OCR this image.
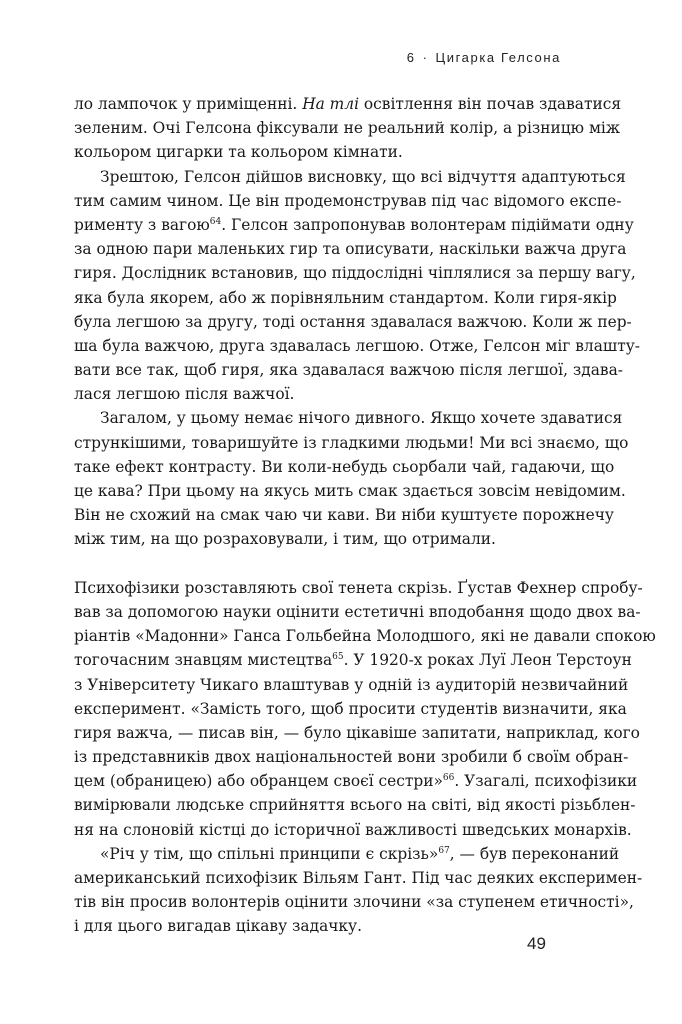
6 · Цигарка Гелсона
ло лампочок у приміщенні. На тлі освітлення він почав здаватися
зеленим. Очі Гелсона фіксували не реальний колір, а різницю між
кольором цигарки та кольором кімнати.
Зрештою, Гелсон дійшов висновку, що всі відчуття адаптуються
тим самим чином. Це він продемонстрував під час відомого експе-
рименту з вагою$^{64}$. Гелсон запропонував волонтерам підіймати одну
за одною пари маленьких гир та описувати, наскільки важча друга
гиря. Дослідник встановив, що піддослідні чіплялися за першу вагу,
яка була якорем, або ж порівняльним стандартом. Коли гиря-якір
була легшою за другу, тоді остання здавалася важчою. Коли ж пер-
ша була важчою, друга здавалась легшою. Отже, Гелсон міг влашту-
вати все так, щоб гиря, яка здавалася важчою після легшої, здава-
лася легшою після важчої.
Загалом, у цьому немає нічого дивного. Якщо хочете здаватися
стрункішими, товаришуйте із гладкими людьми! Ми всі знаємо, що
таке ефект контрасту. Ви коли-небудь сьорбали чай, гадаючи, що
це кава? При цьому на якусь мить смак здається зовсім невідомим.
Він не схожий на смак чаю чи кави. Ви ніби куштуєте порожнечу
між тим, на що розраховували, і тим, що отримали.
Психофізики розставляють свої тенета скрізь. Ґустав Фехнер спробу-
вав за допомогою науки оцінити естетичні вподобання щодо двох ва-
ріантів «Мадонни» Ганса Гольбейна Молодшого, які не давали спокою
тогочасним знавцям мистецтва$^{65}$. У 1920-х роках Луї Леон Терстоун
з Університету Чикаго влаштував у одній із аудиторій незвичайний
експеримент. «Замість того, щоб просити студентів визначити, яка
гиря важча, — писав він, — було цікавіше запитати, наприклад, кого
із представників двох національностей вони зробили б своїм обран-
цем (обраницею) або обранцем своєї сестри»$^{66}$. Узагалі, психофізики
вимірювали людське сприйняття всього на світі, від якості різьблен-
ня на слоновій кістці до історичної важливості шведських монархів.
«Річ у тім, що спільні принципи є скрізь»$^{67}$, — був переконаний
американський психофізик Вільям Гант. Під час деяких експеримен-
тів він просив волонтерів оцінити злочини «за ступенем етичності»,
і для цього вигадав цікаву задачку.
49
